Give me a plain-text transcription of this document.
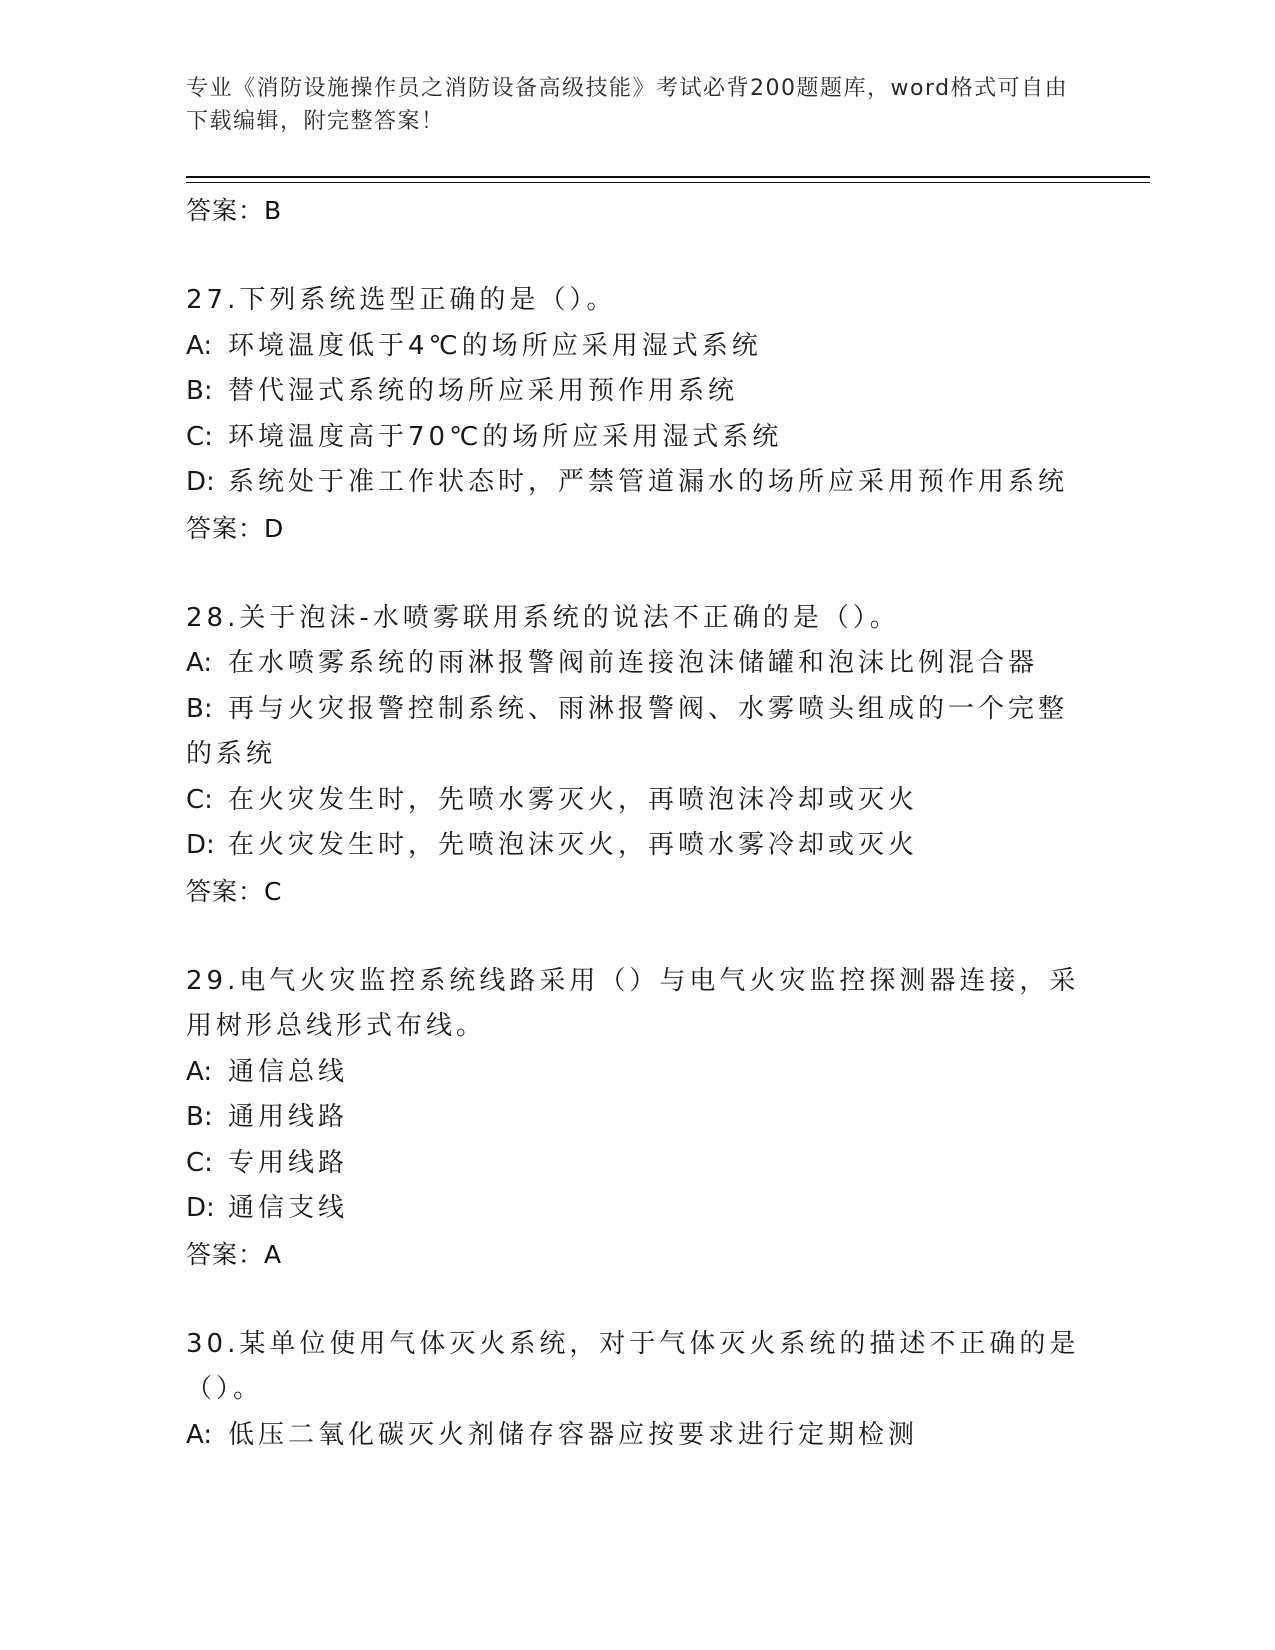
专业《消防设施操作员之消防设备高级技能》考试必背200题题库，word格式可自由下载编辑，附完整答案！
答案：B

27.下列系统选型正确的是（）。

A: 环境温度低于4℃的场所应采用湿式系统

B: 替代湿式系统的场所应采用预作用系统

C: 环境温度高于70℃的场所应采用湿式系统

D: 系统处于准工作状态时，严禁管道漏水的场所应采用预作用系统

答案：D

28.关于泡沫-水喷雾联用系统的说法不正确的是（）。

A: 在水喷雾系统的雨淋报警阀前连接泡沫储罐和泡沫比例混合器

B: 再与火灾报警控制系统、雨淋报警阀、水雾喷头组成的一个完整的系统

C: 在火灾发生时，先喷水雾灭火，再喷泡沫冷却或灭火

D: 在火灾发生时，先喷泡沫灭火，再喷水雾冷却或灭火

答案：C

29.电气火灾监控系统线路采用（）与电气火灾监控探测器连接，采用树形总线形式布线。

A: 通信总线

B: 通用线路

C: 专用线路

D: 通信支线

答案：A

30.某单位使用气体灭火系统，对于气体灭火系统的描述不正确的是（）。

A: 低压二氧化碳灭火剂储存容器应按要求进行定期检测
